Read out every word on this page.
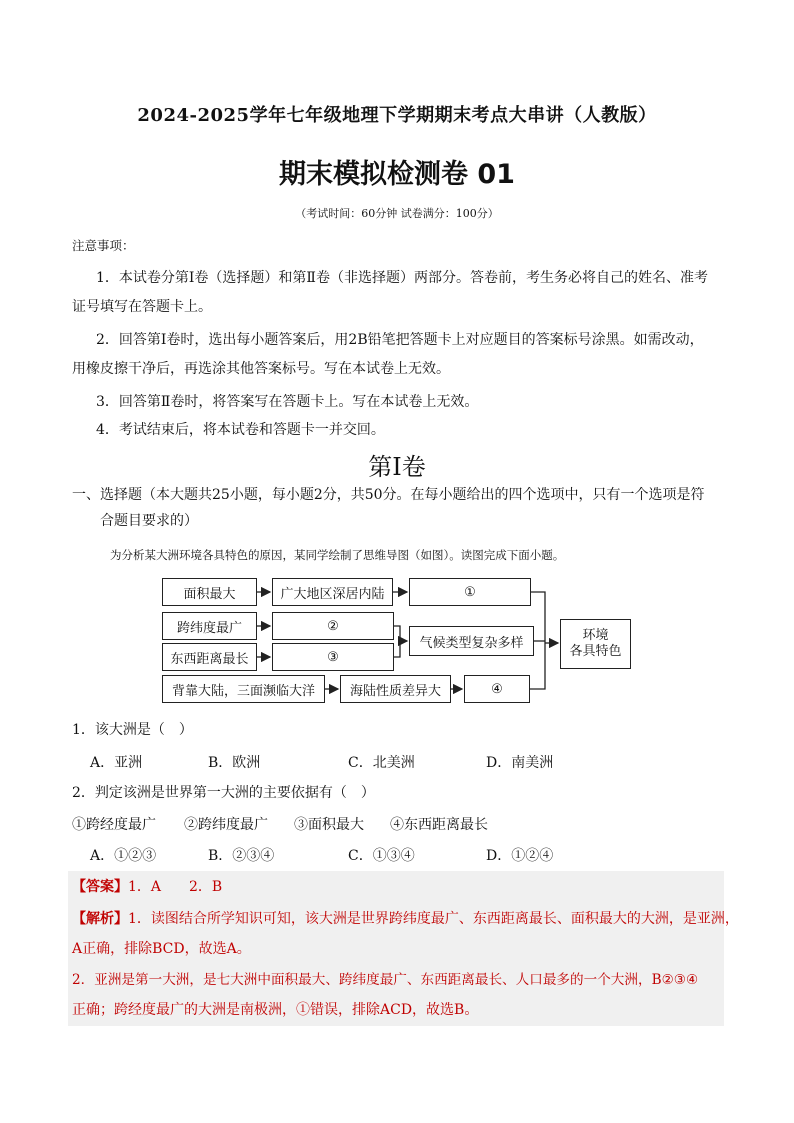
2024-2025学年七年级地理下学期期末考点大串讲（人教版）
期末模拟检测卷 01
（考试时间：60分钟 试卷满分：100分）
注意事项：
1．本试卷分第Ⅰ卷（选择题）和第Ⅱ卷（非选择题）两部分。答卷前，考生务必将自己的姓名、准考
证号填写在答题卡上。
2．回答第Ⅰ卷时，选出每小题答案后，用2B铅笔把答题卡上对应题目的答案标号涂黑。如需改动，
用橡皮擦干净后，再选涂其他答案标号。写在本试卷上无效。
3．回答第Ⅱ卷时，将答案写在答题卡上。写在本试卷上无效。
4．考试结束后，将本试卷和答题卡一并交回。
第Ⅰ卷
一、选择题（本大题共25小题，每小题2分，共50分。在每小题给出的四个选项中，只有一个选项是符
合题目要求的）
为分析某大洲环境各具特色的原因，某同学绘制了思维导图（如图）。读图完成下面小题。
面积最大	广大地区深居内陆	①
跨纬度最广	②
气候类型复杂多样
东西距离最长	③
环境
各具特色
背靠大陆，三面濒临大洋	海陆性质差异大	④
1．该大洲是（　）
A．亚洲	B．欧洲	C．北美洲	D．南美洲
2．判定该洲是世界第一大洲的主要依据有（　）
①跨经度最广 ②跨纬度最广 ③面积最大 ④东西距离最长
A．①②③	B．②③④	C．①③④	D．①②④
【答案】1．A　　2．B
【解析】1．读图结合所学知识可知，该大洲是世界跨纬度最广、东西距离最长、面积最大的大洲，是亚洲，
A正确，排除BCD，故选A。
2．亚洲是第一大洲，是七大洲中面积最大、跨纬度最广、东西距离最长、人口最多的一个大洲，B②③④
正确；跨经度最广的大洲是南极洲，①错误，排除ACD，故选B。
